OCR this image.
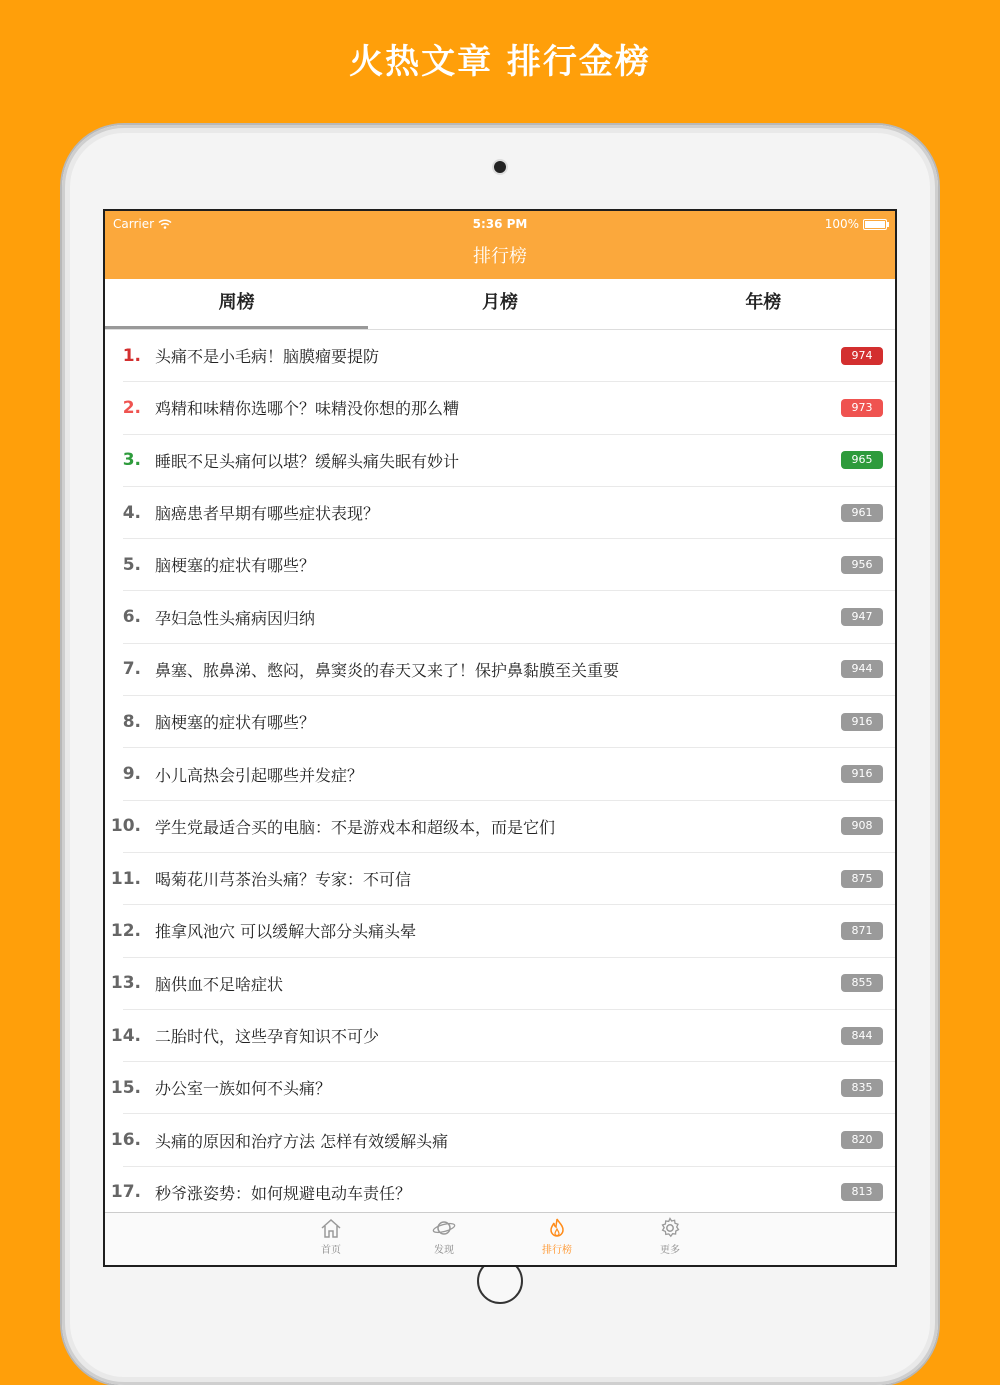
火热文章 排行金榜
Carrier	5:36 PM	100%
排行榜
周榜	月榜	年榜
1. 头痛不是小毛病！脑膜瘤要提防	974
2. 鸡精和味精你选哪个？味精没你想的那么糟	973
3. 睡眠不足头痛何以堪？缓解头痛失眠有妙计	965
4. 脑癌患者早期有哪些症状表现？	961
5. 脑梗塞的症状有哪些？	956
6. 孕妇急性头痛病因归纳	947
7. 鼻塞、脓鼻涕、憋闷，鼻窦炎的春天又来了！保护鼻黏膜至关重要	944
8. 脑梗塞的症状有哪些？	916
9. 小儿高热会引起哪些并发症？	916
10. 学生党最适合买的电脑：不是游戏本和超级本，而是它们	908
11. 喝菊花川芎茶治头痛？专家：不可信	875
12. 推拿风池穴 可以缓解大部分头痛头晕	871
13. 脑供血不足啥症状	855
14. 二胎时代，这些孕育知识不可少	844
15. 办公室一族如何不头痛？	835
16. 头痛的原因和治疗方法 怎样有效缓解头痛	820
17. 秒爷涨姿势：如何规避电动车责任？	813
首页	发现	排行榜	更多
